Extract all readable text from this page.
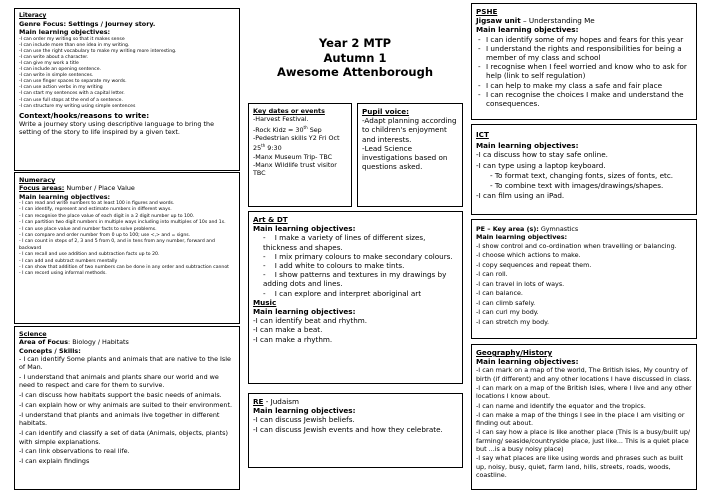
Year 2 MTP
Autumn 1
Awesome Attenborough
Literacy
Genre Focus: Settings / Journey story.
Main learning objectives:
-I can order my writing so that it makes sense
-I can include more than one idea in my writing.
-I can use the right vocabulary to make my writing more interesting.
-I can write about a character.
-I can give my work a title
-I can include an opening sentence.
-I can write in simple sentences.
-I can use finger spaces to separate my words.
-I can use action verbs in my writing
-I can start my sentences with a capital letter.
-I can use full stops at the end of a sentence.
-I can structure my writing using simple sentences
Context/hooks/reasons to write:
Write a journey story using descriptive language to bring the setting of the story to life inspired by a given text.
Numeracy
Focus areas: Number / Place Value
Main learning objectives:
- I can read and write numbers to at least 100 in figures and words.
- I can identify, represent and estimate numbers in different ways.
- I can recognise the place value of each digit in a 2 digit number up to 100.
- I can partition two digit numbers in multiple ways including into multiples of 10s and 1s.
- I can use place value and number facts to solve problems.
- I can compare and order number from 0 up to 100; use <,> and = signs.
- I can count in steps of 2, 3 and 5 from 0, and in tens from any number, forward and backward
- I can recall and use addition and subtraction facts up to 20.
- I can add and subtract numbers mentally
- I can show that addition of two numbers can be done in any order and subtraction cannot
- I can record using informal methods.
Science
Area of Focus: Biology / Habitats
Concepts / Skills:
- I can identify Some plants and animals that are native to the Isle of Man.
- I understand that animals and plants share our world and we need to respect and care for them to survive.
-I can discuss how habitats support the basic needs of animals.
-I can explain how or why animals are suited to their environment.
-I understand that plants and animals live together in different habitats.
-I can identify and classify a set of data (Animals, objects, plants) with simple explanations.
-I can link observations to real life.
-I can explain findings
Key dates or events
-Harvest Festival.
-Rock Kidz = 30th Sep
-Pedestrian skills Y2 Fri Oct 25th 9:30
-Manx Museum Trip- TBC
-Manx Wildlife trust visitor TBC
Pupil voice:
-Adapt planning according to children's enjoyment and interests.
-Lead Science investigations based on questions asked.
Art & DT
Main learning objectives:
-    I make a variety of lines of different sizes, thickness and shapes.
-    I mix primary colours to make secondary colours.
-    I add white to colours to make tints.
-    I show patterns and textures in my drawings by adding dots and lines.
-    I can explore and interpret aboriginal art
Music
Main learning objectives:
-I can identify beat and rhythm.
-I can make a beat.
-I can make a rhythm.
RE - Judaism
Main learning objectives:
-I can discuss Jewish beliefs.
-I can discuss Jewish events and how they celebrate.
PSHE
Jigsaw unit – Understanding Me
Main learning objectives:
- I can identify some of my hopes and fears for this year
- I understand the rights and responsibilities for being a member of my class and school
- I recognise when I feel worried and know who to ask for help (link to self regulation)
- I can help to make my class a safe and fair place
- I can recognise the choices I make and understand the consequences.
ICT
Main learning objectives:
-I ca discuss how to stay safe online.
-I can type using a laptop keyboard.
- To format text, changing fonts, sizes of fonts, etc.
- To combine text with images/drawings/shapes.
-I can film using an iPad.
PE – Key area (s): Gymnastics
Main learning objectives:
-I show control and co-ordination when travelling or balancing.
-I choose which actions to make.
-I copy sequences and repeat them.
-I can roll.
-I can travel in lots of ways.
-I can balance.
-I can climb safely.
-I can curl my body.
-I can stretch my body.
Geography/History
Main learning objectives:
-I can mark on a map of the world, The British Isles, My country of birth (if different) and any other locations I have discussed in class.
-I can mark on a map of the British Isles, where I live and any other locations I know about.
-I can name and identify the equator and the tropics.
-I can make a map of the things I see in the place I am visiting or finding out about.
-I can say how a place is like another place (This is a busy/built up/ farming/ seaside/countryside place, just like... This is a quiet place but ...is a busy noisy place)
-I say what places are like using words and phrases such as built up, noisy, busy, quiet, farm land, hills, streets, roads, woods, coastline.
